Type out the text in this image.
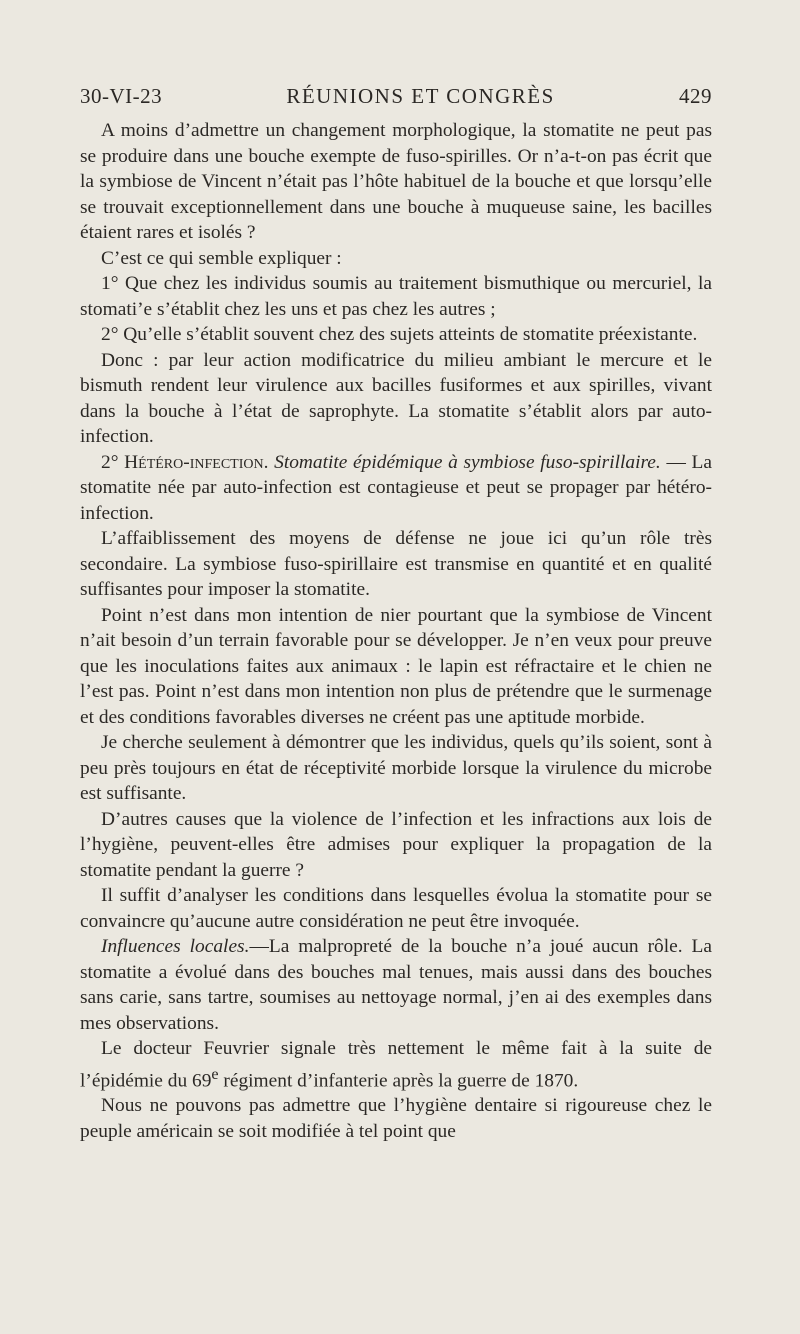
30-VI-23	RÉUNIONS ET CONGRÈS	429

A moins d’admettre un changement morphologique, la stomatite ne peut pas se produire dans une bouche exempte de fuso-spirilles. Or n’a-t-on pas écrit que la symbiose de Vincent n’était pas l’hôte habituel de la bouche et que lorsqu’elle se trouvait exceptionnellement dans une bouche à muqueuse saine, les bacilles étaient rares et isolés ?

C’est ce qui semble expliquer :

1° Que chez les individus soumis au traitement bismuthique ou mercuriel, la stomati’e s’établit chez les uns et pas chez les autres ;

2° Qu’elle s’établit souvent chez des sujets atteints de stomatite préexistante.

Donc : par leur action modificatrice du milieu ambiant le mercure et le bismuth rendent leur virulence aux bacilles fusiformes et aux spirilles, vivant dans la bouche à l’état de saprophyte. La stomatite s’établit alors par auto-infection.

2° Hétéro-infection. Stomatite épidémique à symbiose fuso-spirillaire. — La stomatite née par auto-infection est contagieuse et peut se propager par hétéro-infection.

L’affaiblissement des moyens de défense ne joue ici qu’un rôle très secondaire. La symbiose fuso-spirillaire est transmise en quantité et en qualité suffisantes pour imposer la stomatite.

Point n’est dans mon intention de nier pourtant que la symbiose de Vincent n’ait besoin d’un terrain favorable pour se développer. Je n’en veux pour preuve que les inoculations faites aux animaux : le lapin est réfractaire et le chien ne l’est pas. Point n’est dans mon intention non plus de prétendre que le surmenage et des conditions favorables diverses ne créent pas une aptitude morbide.

Je cherche seulement à démontrer que les individus, quels qu’ils soient, sont à peu près toujours en état de réceptivité morbide lorsque la virulence du microbe est suffisante.

D’autres causes que la violence de l’infection et les infractions aux lois de l’hygiène, peuvent-elles être admises pour expliquer la propagation de la stomatite pendant la guerre ?

Il suffit d’analyser les conditions dans lesquelles évolua la stomatite pour se convaincre qu’aucune autre considération ne peut être invoquée.

Influences locales.—La malpropreté de la bouche n’a joué aucun rôle. La stomatite a évolué dans des bouches mal tenues, mais aussi dans des bouches sans carie, sans tartre, soumises au nettoyage normal, j’en ai des exemples dans mes observations.

Le docteur Feuvrier signale très nettement le même fait à la suite de l’épidémie du 69e régiment d’infanterie après la guerre de 1870.

Nous ne pouvons pas admettre que l’hygiène dentaire si rigoureuse chez le peuple américain se soit modifiée à tel point que
